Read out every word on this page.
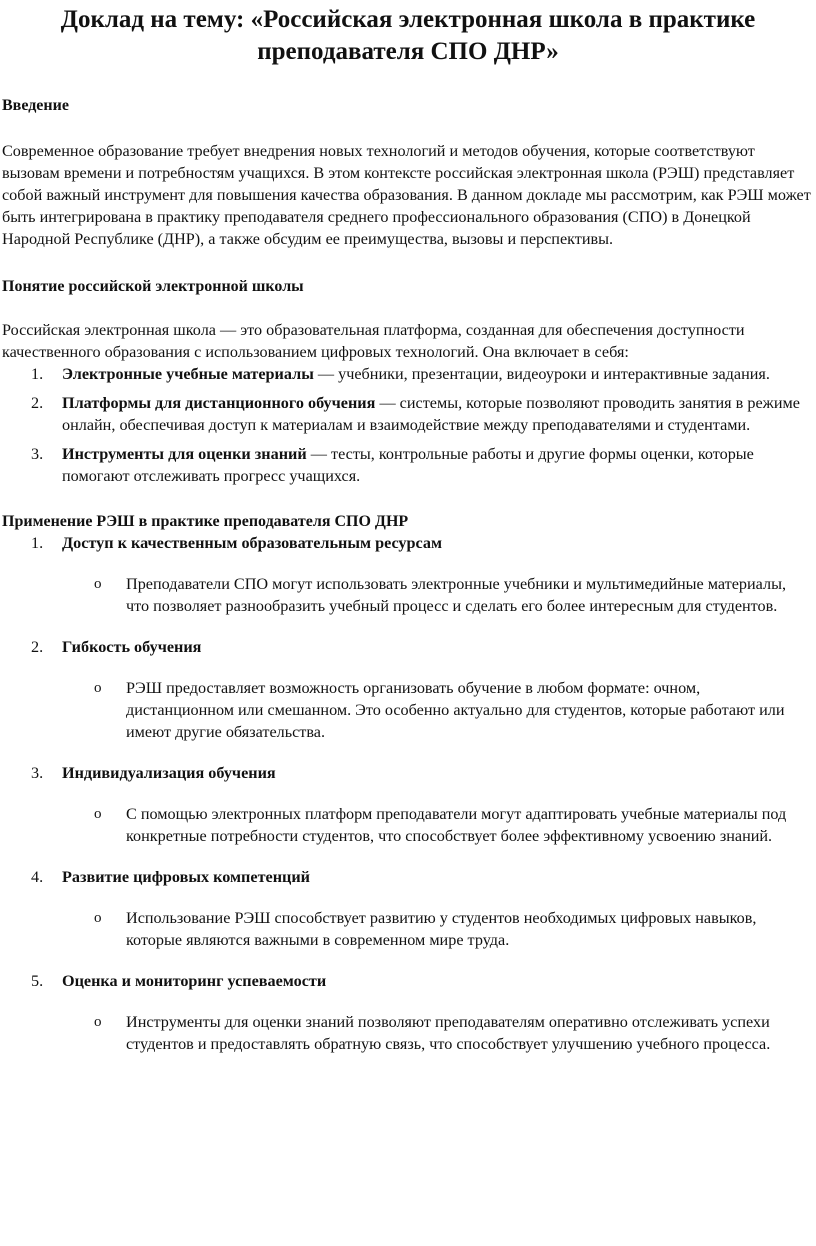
Доклад на тему: «Российская электронная школа в практике преподавателя СПО ДНР»
Введение

Современное образование требует внедрения новых технологий и методов обучения, которые соответствуют вызовам времени и потребностям учащихся. В этом контексте российская электронная школа (РЭШ) представляет собой важный инструмент для повышения качества образования. В данном докладе мы рассмотрим, как РЭШ может быть интегрирована в практику преподавателя среднего профессионального образования (СПО) в Донецкой Народной Республике (ДНР), а также обсудим ее преимущества, вызовы и перспективы.

Понятие российской электронной школы

Российская электронная школа — это образовательная платформа, созданная для обеспечения доступности качественного образования с использованием цифровых технологий. Она включает в себя:

1. Электронные учебные материалы — учебники, презентации, видеоуроки и интерактивные задания.
2. Платформы для дистанционного обучения — системы, которые позволяют проводить занятия в режиме онлайн, обеспечивая доступ к материалам и взаимодействие между преподавателями и студентами.
3. Инструменты для оценки знаний — тесты, контрольные работы и другие формы оценки, которые помогают отслеживать прогресс учащихся.
Применение РЭШ в практике преподавателя СПО ДНР
1. Доступ к качественным образовательным ресурсам
o Преподаватели СПО могут использовать электронные учебники и мультимедийные материалы, что позволяет разнообразить учебный процесс и сделать его более интересным для студентов.
2. Гибкость обучения
o РЭШ предоставляет возможность организовать обучение в любом формате: очном, дистанционном или смешанном. Это особенно актуально для студентов, которые работают или имеют другие обязательства.
3. Индивидуализация обучения
o С помощью электронных платформ преподаватели могут адаптировать учебные материалы под конкретные потребности студентов, что способствует более эффективному усвоению знаний.
4. Развитие цифровых компетенций
o Использование РЭШ способствует развитию у студентов необходимых цифровых навыков, которые являются важными в современном мире труда.
5. Оценка и мониторинг успеваемости
o Инструменты для оценки знаний позволяют преподавателям оперативно отслеживать успехи студентов и предоставлять обратную связь, что способствует улучшению учебного процесса.
